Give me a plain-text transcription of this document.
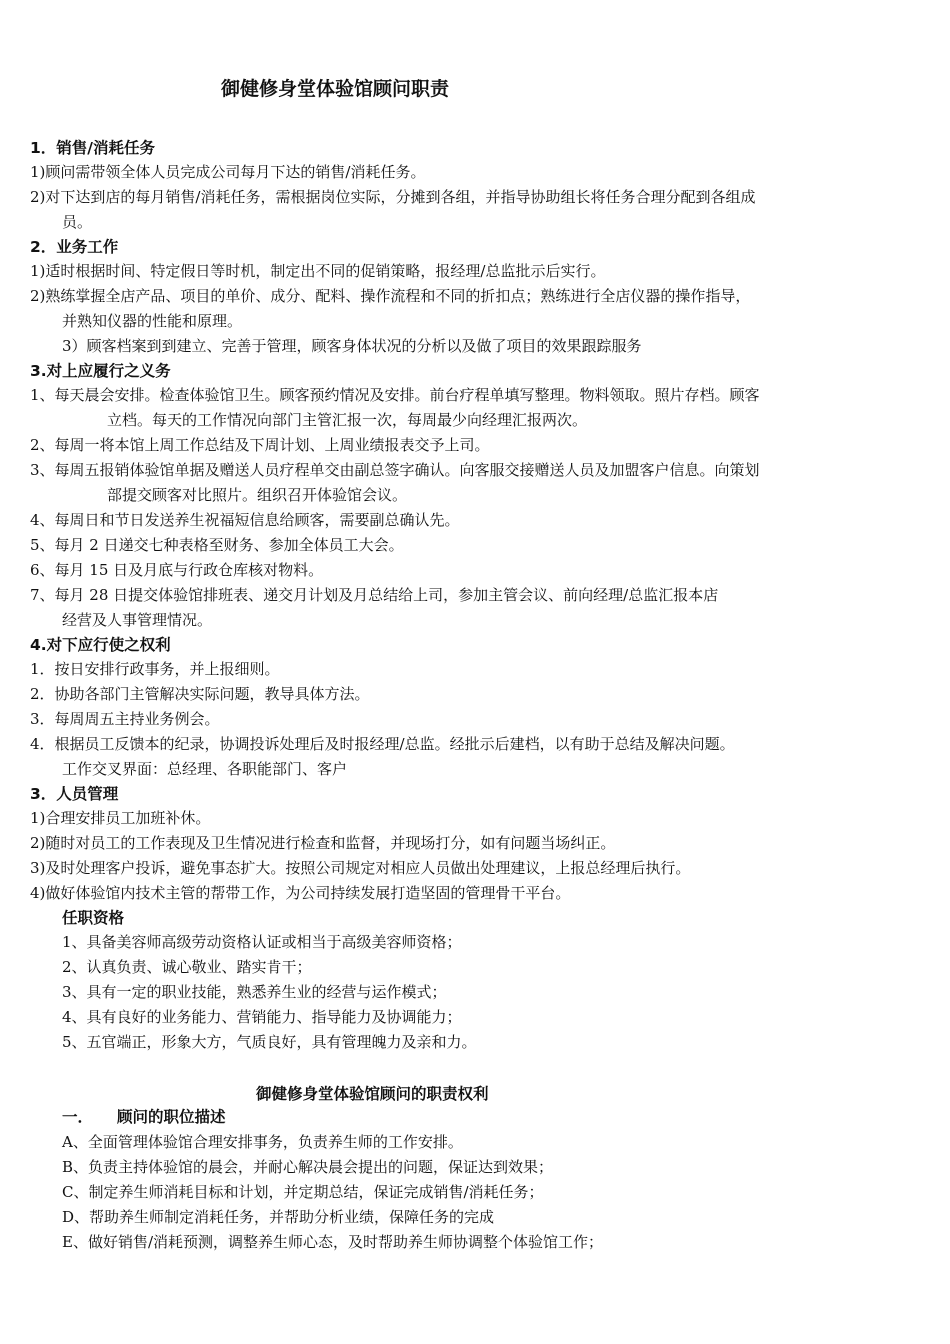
御健修身堂体验馆顾问职责
1．销售/消耗任务
1)顾问需带领全体人员完成公司每月下达的销售/消耗任务。
2)对下达到店的每月销售/消耗任务，需根据岗位实际，分摊到各组，并指导协助组长将任务合理分配到各组成
员。
2．业务工作
1)适时根据时间、特定假日等时机，制定出不同的促销策略，报经理/总监批示后实行。
2)熟练掌握全店产品、项目的单价、成分、配料、操作流程和不同的折扣点；熟练进行全店仪器的操作指导，
并熟知仪器的性能和原理。
3）顾客档案到到建立、完善于管理，顾客身体状况的分析以及做了项目的效果跟踪服务
3.对上应履行之义务
1、每天晨会安排。检查体验馆卫生。顾客预约情况及安排。前台疗程单填写整理。物料领取。照片存档。顾客
立档。每天的工作情况向部门主管汇报一次，每周最少向经理汇报两次。
2、每周一将本馆上周工作总结及下周计划、上周业绩报表交予上司。
3、每周五报销体验馆单据及赠送人员疗程单交由副总签字确认。向客服交接赠送人员及加盟客户信息。向策划
部提交顾客对比照片。组织召开体验馆会议。
4、每周日和节日发送养生祝福短信息给顾客，需要副总确认先。
5、每月 2 日递交七种表格至财务、参加全体员工大会。
6、每月 15 日及月底与行政仓库核对物料。
7、每月 28 日提交体验馆排班表、递交月计划及月总结给上司，参加主管会议、前向经理/总监汇报本店
经营及人事管理情况。
4.对下应行使之权利
1．按日安排行政事务，并上报细则。
2．协助各部门主管解决实际问题，教导具体方法。
3．每周周五主持业务例会。
4．根据员工反馈本的纪录，协调投诉处理后及时报经理/总监。经批示后建档，以有助于总结及解决问题。
工作交叉界面：总经理、各职能部门、客户
3．人员管理
1)合理安排员工加班补休。
2)随时对员工的工作表现及卫生情况进行检查和监督，并现场打分，如有问题当场纠正。
3)及时处理客户投诉，避免事态扩大。按照公司规定对相应人员做出处理建议，上报总经理后执行。
4)做好体验馆内技术主管的帮带工作，为公司持续发展打造坚固的管理骨干平台。
任职资格
1、具备美容师高级劳动资格认证或相当于高级美容师资格；
2、认真负责、诚心敬业、踏实肯干；
3、具有一定的职业技能，熟悉养生业的经营与运作模式；
4、具有良好的业务能力、营销能力、指导能力及协调能力；
5、五官端正，形象大方，气质良好，具有管理魄力及亲和力。
御健修身堂体验馆顾问的职责权利
一． 顾问的职位描述
A、全面管理体验馆合理安排事务，负责养生师的工作安排。
B、负责主持体验馆的晨会，并耐心解决晨会提出的问题，保证达到效果；
C、制定养生师消耗目标和计划，并定期总结，保证完成销售/消耗任务；
D、帮助养生师制定消耗任务，并帮助分析业绩，保障任务的完成
E、做好销售/消耗预测，调整养生师心态，及时帮助养生师协调整个体验馆工作；
